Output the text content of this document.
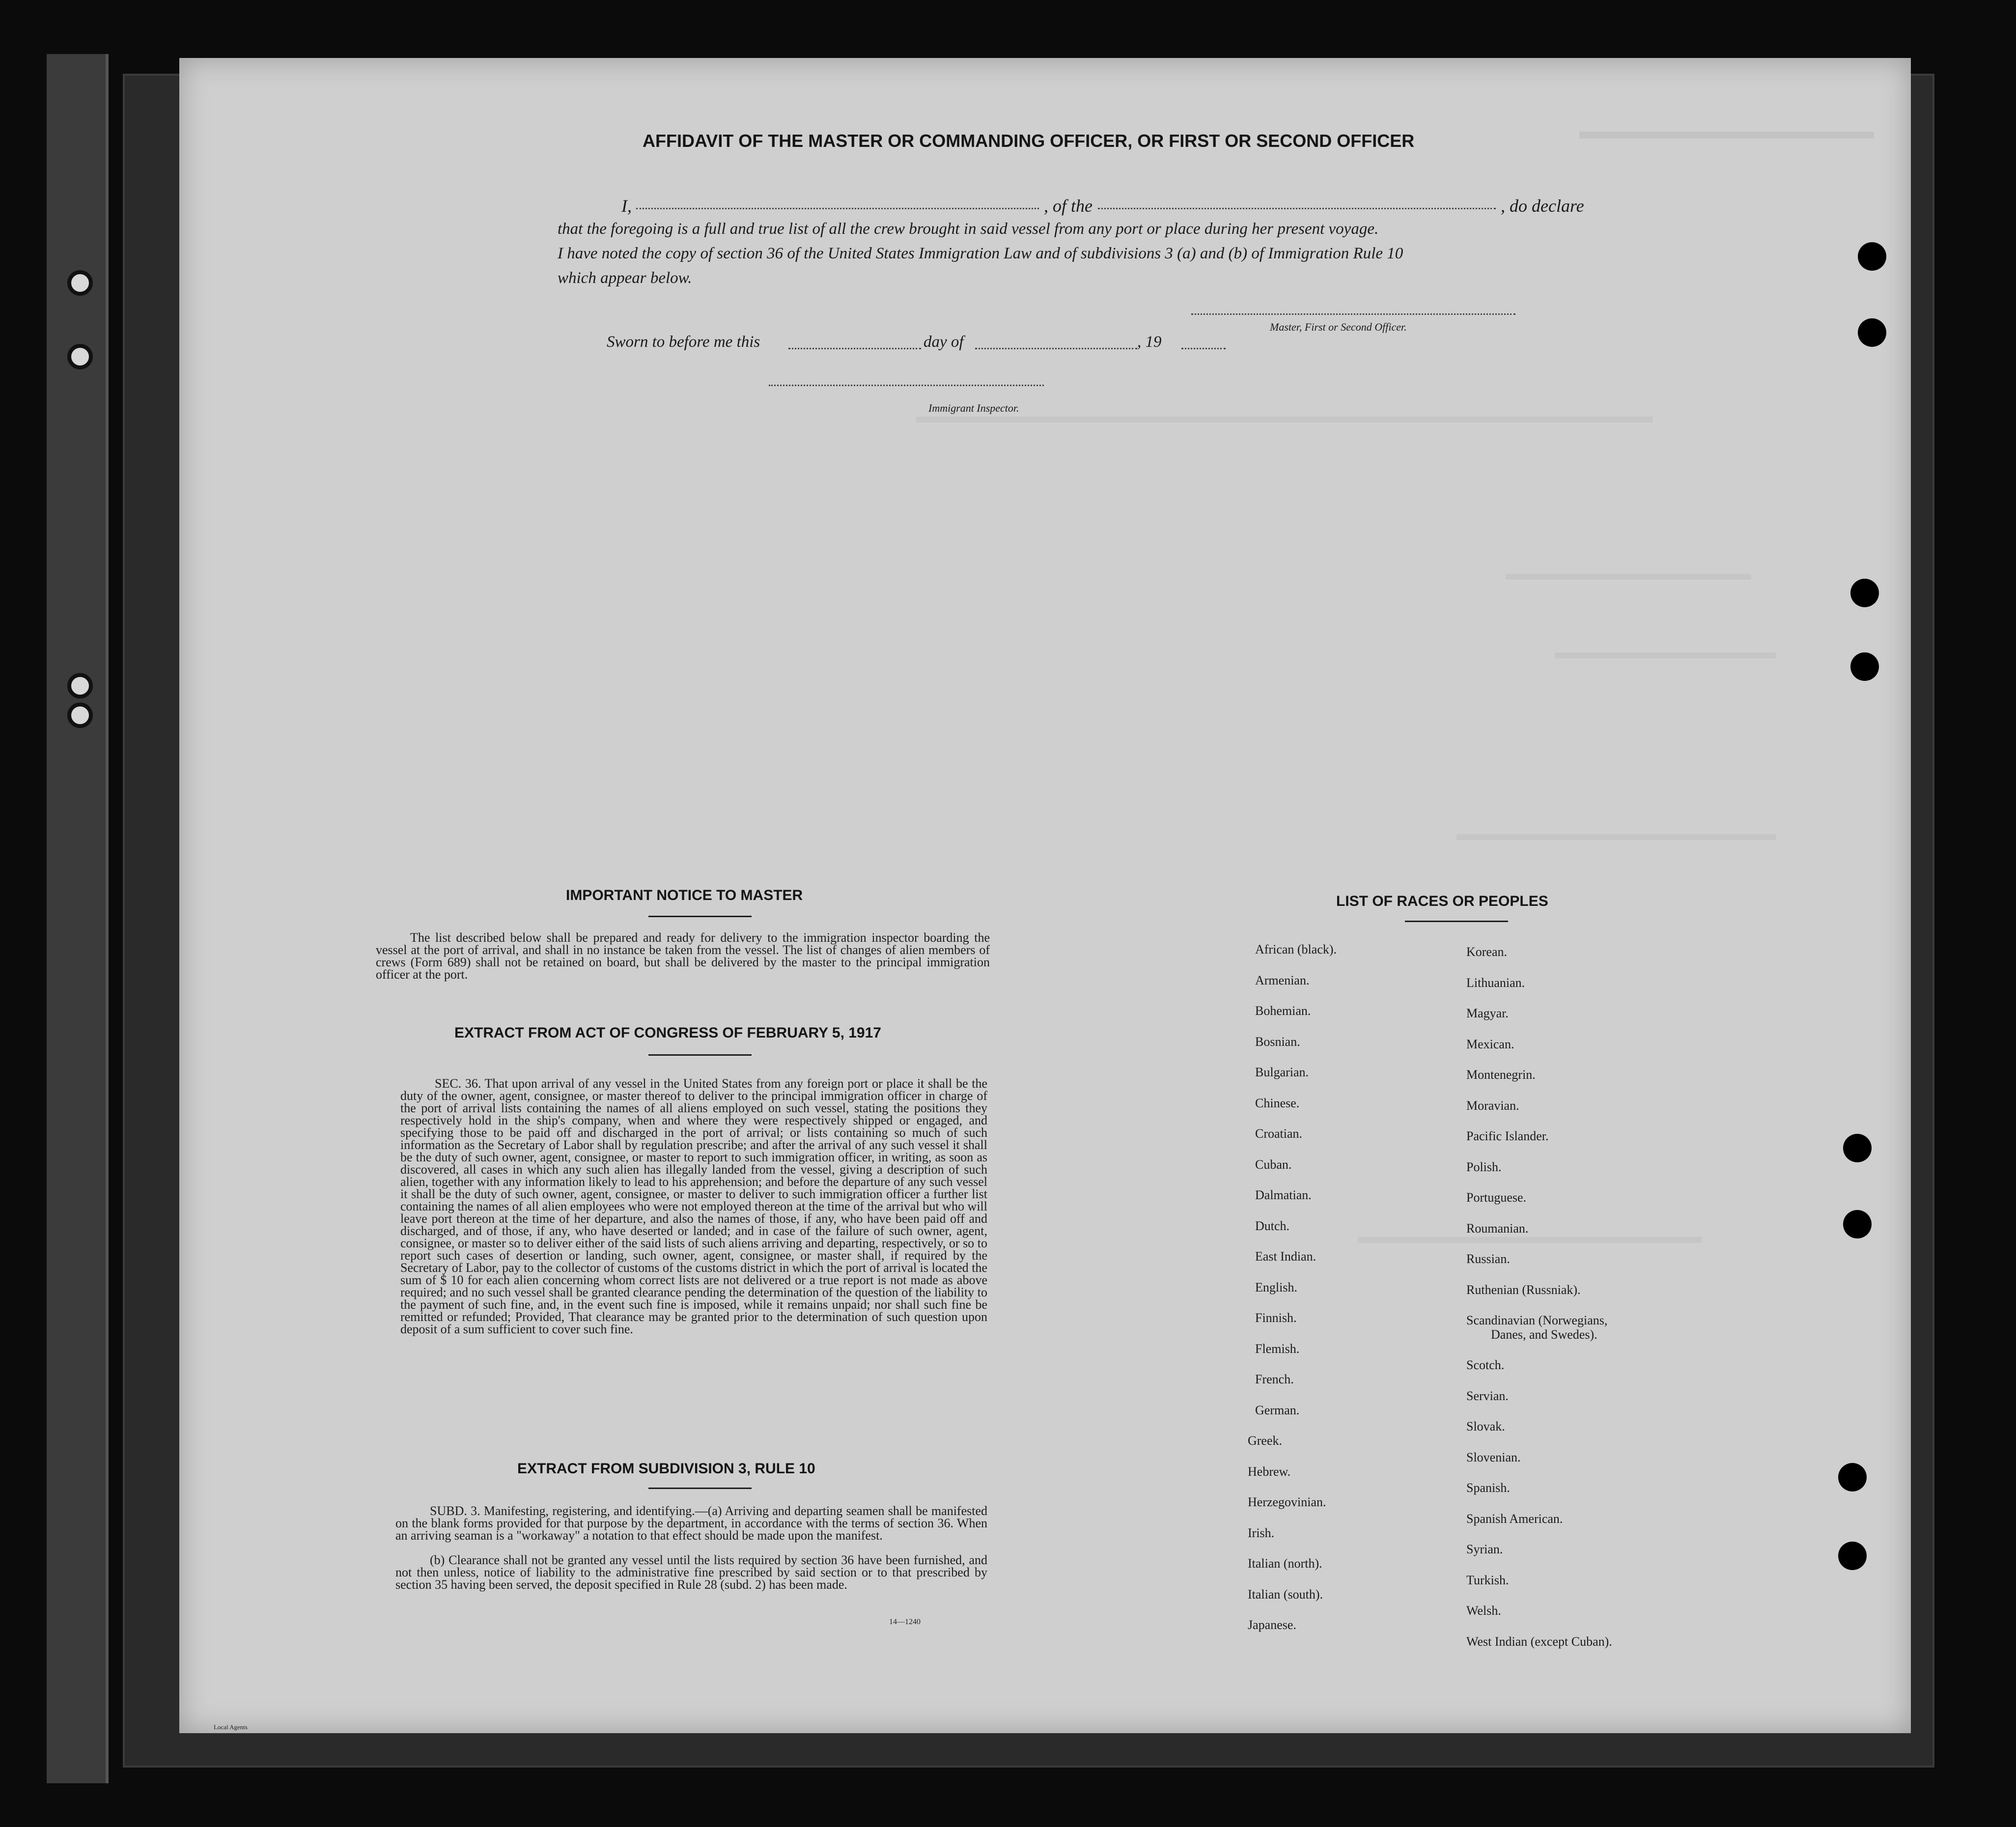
AFFIDAVIT OF THE MASTER OR COMMANDING OFFICER, OR FIRST OR SECOND OFFICER
I,	, of the	, do declare
that the foregoing is a full and true list of all the crew brought in said vessel from any port or place during her present voyage.
I have noted the copy of section 36 of the United States Immigration Law and of subdivisions 3 (a) and (b) of Immigration Rule 10
which appear below.
Master, First or Second Officer.
Sworn to before me this	day of	, 19
Immigrant Inspector.
IMPORTANT NOTICE TO MASTER
The list described below shall be prepared and ready for delivery to the immigration inspector boarding the vessel at the port of arrival, and shall in no instance be taken from the vessel. The list of changes of alien members of crews (Form 689) shall not be retained on board, but shall be delivered by the master to the principal immigration officer at the port.
EXTRACT FROM ACT OF CONGRESS OF FEBRUARY 5, 1917
SEC. 36. That upon arrival of any vessel in the United States from any foreign port or place it shall be the duty of the owner, agent, consignee, or master thereof to deliver to the principal immigration officer in charge of the port of arrival lists containing the names of all aliens employed on such vessel, stating the positions they respectively hold in the ship's company, when and where they were respectively shipped or engaged, and specifying those to be paid off and discharged in the port of arrival; or lists containing so much of such information as the Secretary of Labor shall by regulation prescribe; and after the arrival of any such vessel it shall be the duty of such owner, agent, consignee, or master to report to such immigration officer, in writing, as soon as discovered, all cases in which any such alien has illegally landed from the vessel, giving a description of such alien, together with any information likely to lead to his apprehension; and before the departure of any such vessel it shall be the duty of such owner, agent, consignee, or master to deliver to such immigration officer a further list containing the names of all alien employees who were not employed thereon at the time of the arrival but who will leave port thereon at the time of her departure, and also the names of those, if any, who have been paid off and discharged, and of those, if any, who have deserted or landed; and in case of the failure of such owner, agent, consignee, or master so to deliver either of the said lists of such aliens arriving and departing, respectively, or so to report such cases of desertion or landing, such owner, agent, consignee, or master shall, if required by the Secretary of Labor, pay to the collector of customs of the customs district in which the port of arrival is located the sum of $ 10 for each alien concerning whom correct lists are not delivered or a true report is not made as above required; and no such vessel shall be granted clearance pending the determination of the question of the liability to the payment of such fine, and, in the event such fine is imposed, while it remains unpaid; nor shall such fine be remitted or refunded; Provided, That clearance may be granted prior to the determination of such question upon deposit of a sum sufficient to cover such fine.
EXTRACT FROM SUBDIVISION 3, RULE 10
SUBD. 3. Manifesting, registering, and identifying.—(a) Arriving and departing seamen shall be manifested on the blank forms provided for that purpose by the department, in accordance with the terms of section 36. When an arriving seaman is a "workaway" a notation to that effect should be made upon the manifest.
(b) Clearance shall not be granted any vessel until the lists required by section 36 have been furnished, and not then unless, notice of liability to the administrative fine prescribed by said section or to that prescribed by section 35 having been served, the deposit specified in Rule 28 (subd. 2) has been made.
14—1240
LIST OF RACES OR PEOPLES
Local Agents
African (black).
Armenian.
Bohemian.
Bosnian.
Bulgarian.
Chinese.
Croatian.
Cuban.
Dalmatian.
Dutch.
East Indian.
English.
Finnish.
Flemish.
French.
German.
Greek.
Hebrew.
Herzegovinian.
Irish.
Italian (north).
Italian (south).
Japanese.
Korean.
Lithuanian.
Magyar.
Mexican.
Montenegrin.
Moravian.
Pacific Islander.
Polish.
Portuguese.
Roumanian.
Russian.
Ruthenian (Russniak).
Scandinavian (Norwegians,
Danes, and Swedes).
Scotch.
Servian.
Slovak.
Slovenian.
Spanish.
Spanish American.
Syrian.
Turkish.
Welsh.
West Indian (except Cuban).
